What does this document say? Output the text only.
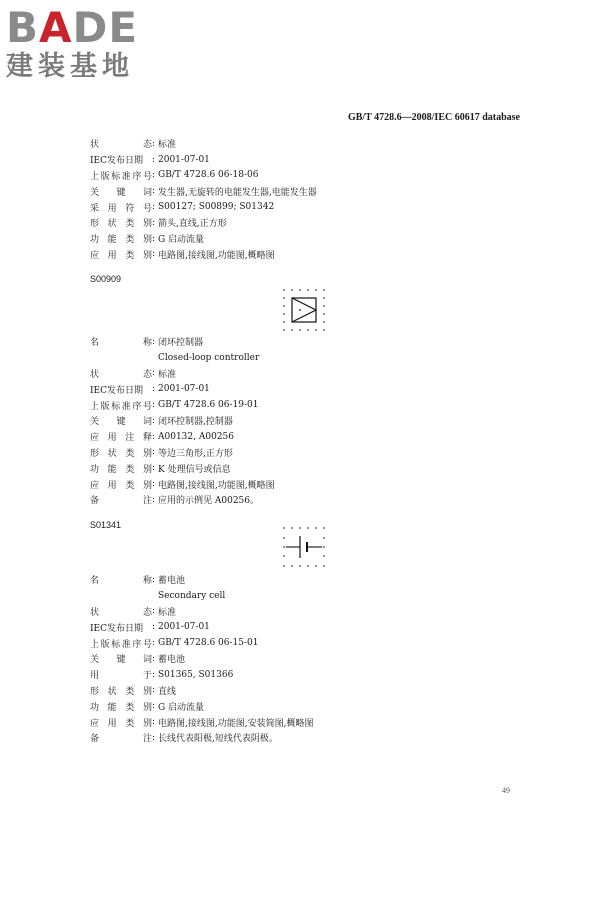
BADE
建装基地
GB/T 4728.6—2008/IEC 60617 database
状	态 : 标准
IEC发布日期 : 2001-07-01
上 版 标 准 序 号 : GB/T 4728.6 06-18-06
关 键 词 : 发生器,无旋转的电能发生器,电能发生器
采 用 符 号 : S00127; S00899; S01342
形 状 类 别 : 箭头,直线,正方形
功 能 类 别 : G 启动流量
应 用 类 别 : 电路图,接线图,功能图,概略图
S00909
名	称 : 闭环控制器
Closed-loop controller
状	态 : 标准
IEC发布日期 : 2001-07-01
上 版 标 准 序 号 : GB/T 4728.6 06-19-01
关 键 词 : 闭环控制器,控制器
应 用 注 释 : A00132, A00256
形 状 类 别 : 等边三角形,正方形
功 能 类 别 : K 处理信号或信息
应 用 类 别 : 电路图,接线图,功能图,概略图
备	注 : 应用的示例见 A00256。
S01341
名	称 : 蓄电池
Secondary cell
状	态 : 标准
IEC发布日期 : 2001-07-01
上 版 标 准 序 号 : GB/T 4728.6 06-15-01
关 键 词 : 蓄电池
用	于 : S01365, S01366
形 状 类 别 : 直线
功 能 类 别 : G 启动流量
应 用 类 别 : 电路图,接线图,功能图,安装简图,概略图
备	注 : 长线代表阳极,短线代表阴极。
49
